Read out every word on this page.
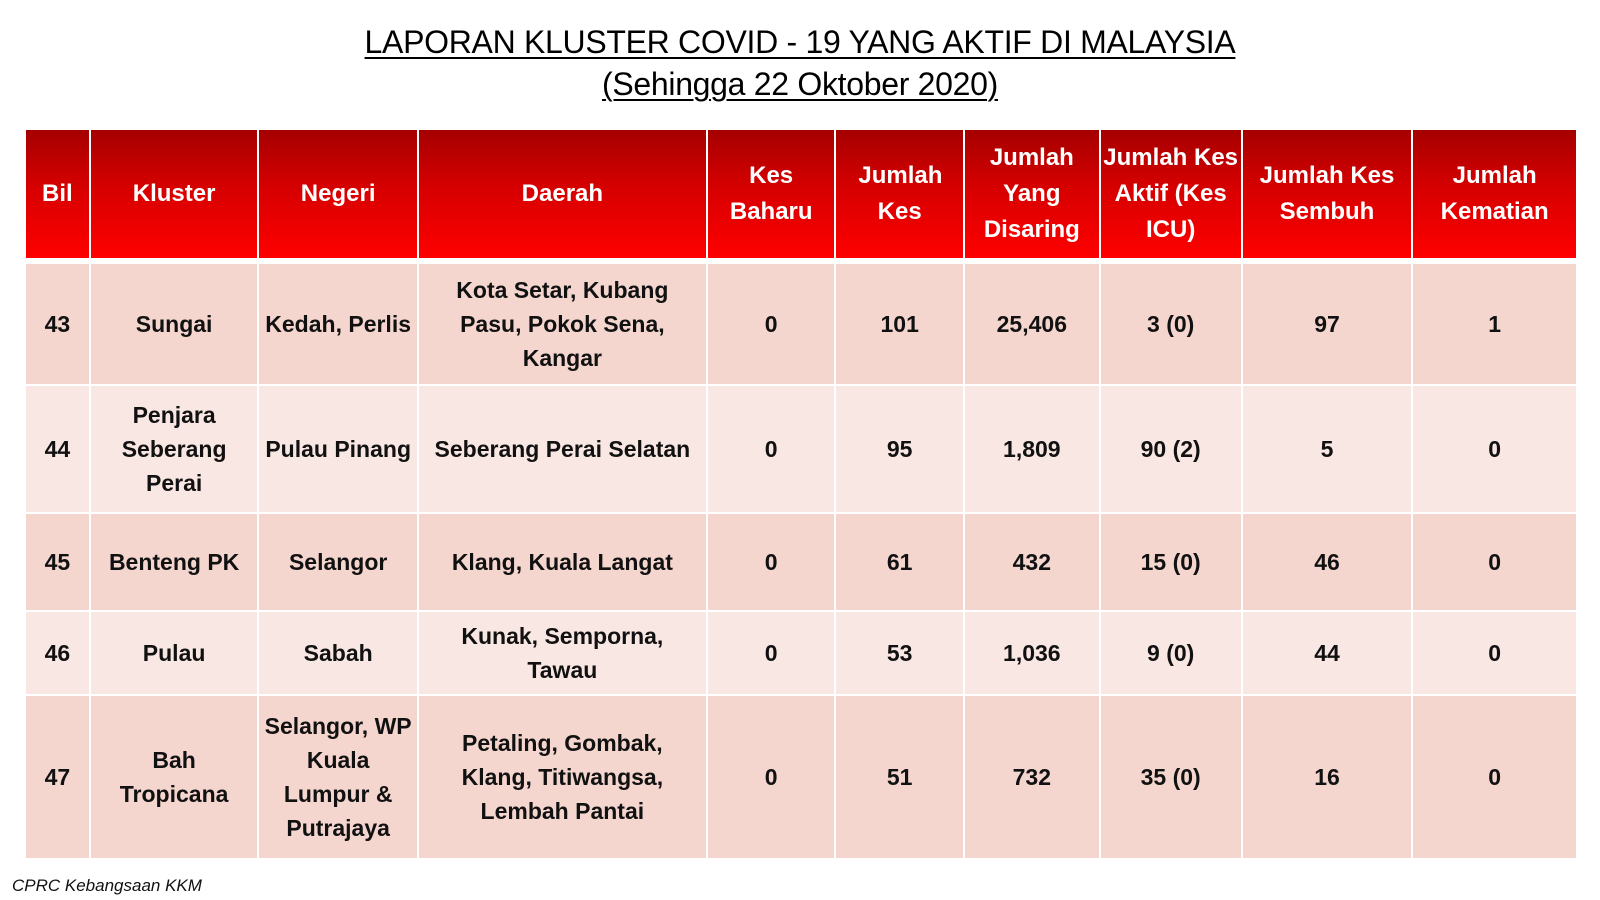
LAPORAN KLUSTER COVID - 19 YANG AKTIF DI MALAYSIA
(Sehingga 22 Oktober 2020)
Bil	Kluster	Negeri	Daerah	Kes Baharu	Jumlah Kes	Jumlah Yang Disaring	Jumlah Kes Aktif (Kes ICU)	Jumlah Kes Sembuh	Jumlah Kematian
43	Sungai	Kedah, Perlis	Kota Setar, Kubang Pasu, Pokok Sena, Kangar	0	101	25,406	3 (0)	97	1
44	Penjara Seberang Perai	Pulau Pinang	Seberang Perai Selatan	0	95	1,809	90 (2)	5	0
45	Benteng PK	Selangor	Klang, Kuala Langat	0	61	432	15 (0)	46	0
46	Pulau	Sabah	Kunak, Semporna, Tawau	0	53	1,036	9 (0)	44	0
47	Bah Tropicana	Selangor, WP Kuala Lumpur & Putrajaya	Petaling, Gombak, Klang, Titiwangsa, Lembah Pantai	0	51	732	35 (0)	16	0
CPRC Kebangsaan KKM
